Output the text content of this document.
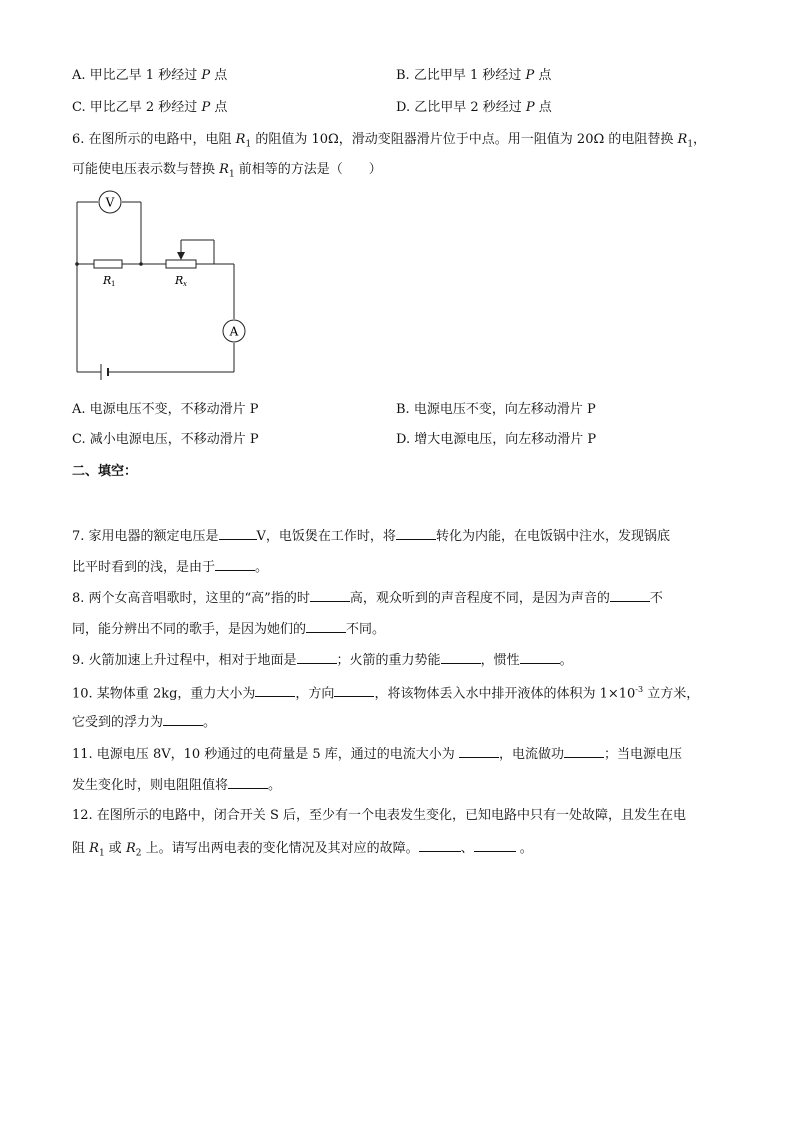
A. 甲比乙早 1 秒经过 P 点	B. 乙比甲早 1 秒经过 P 点
C. 甲比乙早 2 秒经过 P 点	D. 乙比甲早 2 秒经过 P 点
6. 在图所示的电路中，电阻 $R_1$ 的阻值为 10Ω，滑动变阻器滑片位于中点。用一阻值为 20Ω 的电阻替换 $R_1$，
可能使电压表示数与替换 $R_1$ 前相等的方法是（　　）
V
A
R 1	R x
A. 电源电压不变，不移动滑片 P	B. 电源电压不变，向左移动滑片 P
C. 减小电源电压，不移动滑片 P	D. 增大电源电压，向左移动滑片 P
二、填空：
7. 家用电器的额定电压是	V，电饭煲在工作时，将	转化为内能，在电饭锅中注水，发现锅底
比平时看到的浅，是由于	。
8. 两个女高音唱歌时，这里的“高”指的时	高，观众听到的声音程度不同，是因为声音的	不
同，能分辨出不同的歌手，是因为她们的	不同。
9. 火箭加速上升过程中，相对于地面是	；火箭的重力势能	，惯性	。
10. 某物体重 2kg，重力大小为	，方向	，将该物体丢入水中排开液体的体积为 $1\times 10^{-3}$ 立方米，
它受到的浮力为	。
11. 电源电压 8V，10 秒通过的电荷量是 5 库，通过的电流大小为	，电流做功	；当电源电压
发生变化时，则电阻阻值将	。
12. 在图所示的电路中，闭合开关 S 后，至少有一个电表发生变化，已知电路中只有一处故障，且发生在电
阻 $R_1$ 或 $R_2$ 上。请写出两电表的变化情况及其对应的故障。	、	。
